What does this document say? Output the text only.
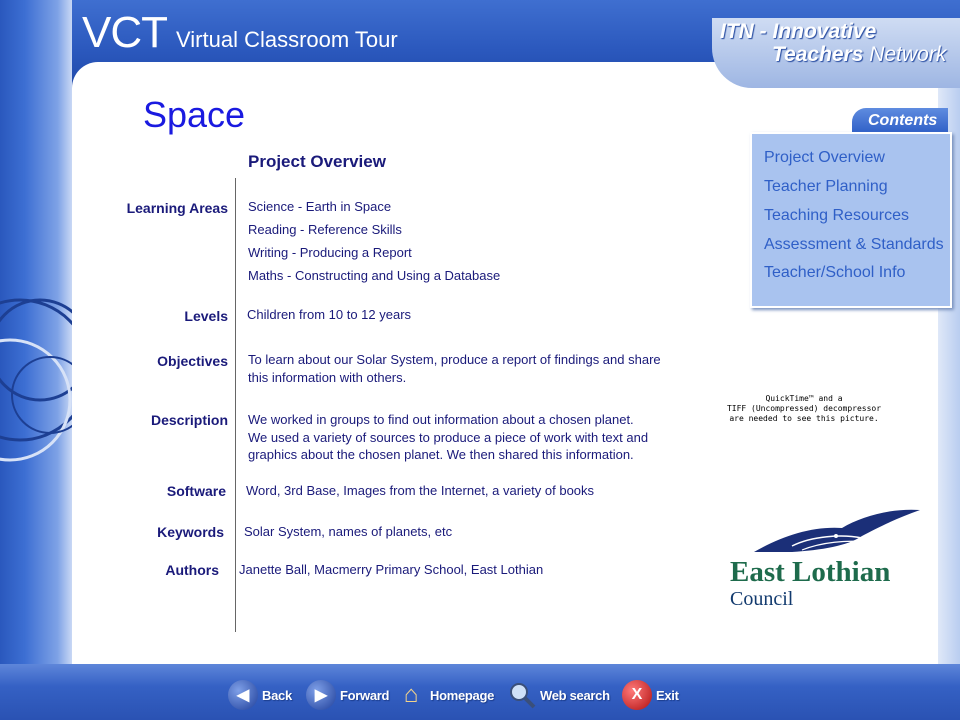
VCT Virtual Classroom Tour	ITN - Innovative
Teachers Network
Space	Contents
Project Overview
Teacher Planning
Teaching Resources
Assessment & Standards
Teacher/School Info
Project Overview
Learning Areas Science - Earth in Space
Reading - Reference Skills
Writing - Producing a Report
Maths - Constructing and Using a Database
Levels Children from 10 to 12 years
Objectives To learn about our Solar System, produce a report of findings and share
this information with others.
Description We worked in groups to find out information about a chosen planet.
We used a variety of sources to produce a piece of work with text and
graphics about the chosen planet. We then shared this information.
Software Word, 3rd Base, Images from the Internet, a variety of books
Keywords Solar System, names of planets, etc
Authors Janette Ball, Macmerry Primary School, East Lothian
QuickTime™ and a
TIFF (Uncompressed) decompressor
are needed to see this picture.
East Lothian
Council
◀ Back	▶ Forward ⌂ Homepage	Web search	X	Exit
